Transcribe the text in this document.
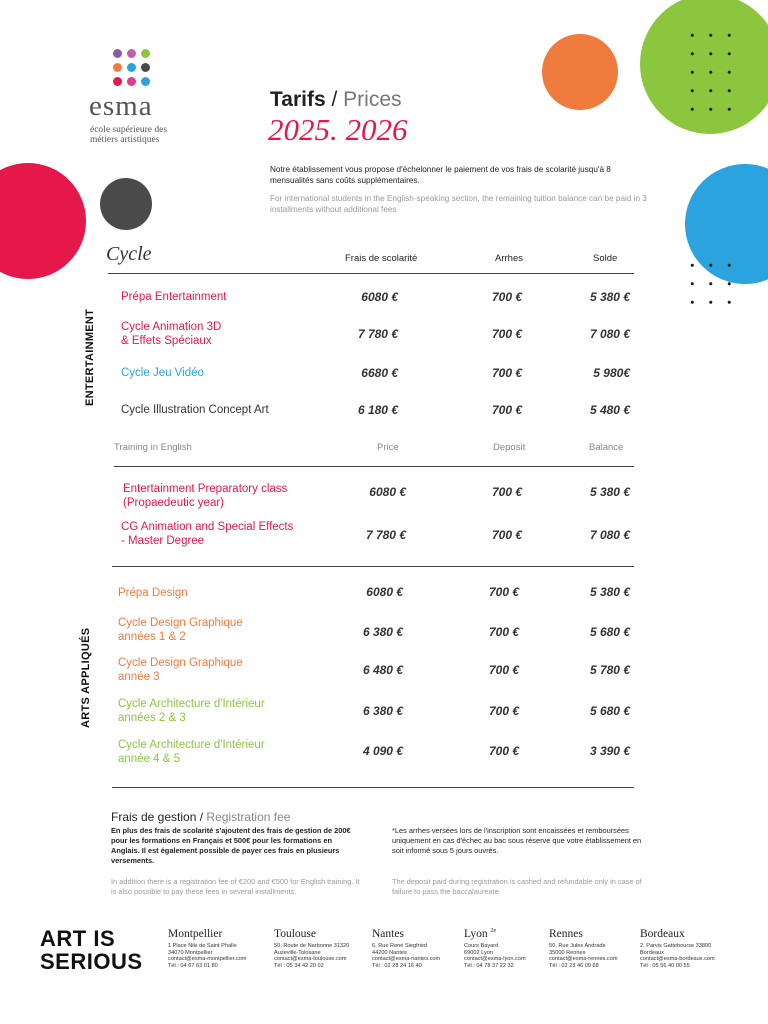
esma
école supérieure des métiers artistiques
Tarifs / Prices
2025. 2026
Notre établissement vous propose d'échelonner le paiement de vos frais de scolarité jusqu'à 8 mensualités sans coûts supplémentaires.
For international students in the English-speaking section, the remaining tuition balance can be paid in 3 installments without additional fees
Cycle	Frais de scolarité	Arrhes	Solde
ENTERTAINMENT
Prépa Entertainment	6080 €	700 €	5 380 €
Cycle Animation 3D
& Effets Spéciaux	7 780 €	700 €	7 080 €
Cycle Jeu Vidéo	6680 €	700 €	5 980€
Cycle Illustration Concept Art	6 180 €	700 €	5 480 €
Training in English	Price	Deposit	Balance
Entertainment Preparatory class
(Propaedeutic year)
6080 €	700 €	5 380 €
CG Animation and Special Effects
- Master Degree	7 780 €	700 €	7 080 €
ARTS APPLIQUÉS
Prépa Design	6080 €	700 €	5 380 €
Cycle Design Graphique
années 1 & 2	6 380 €	700 €	5 680 €
Cycle Design Graphique
année 3	6 480 €	700 €	5 780 €
Cycle Architecture d'Intérieur
années 2 & 3	6 380 €	700 €	5 680 €
Cycle Architecture d'Intérieur
année 4 & 5
4 090 €	700 €	3 390 €
Frais de gestion / Registration fee
En plus des frais de scolarité s'ajoutent des frais de gestion de 200€ pour les formations en Français et 500€ pour les formations en Anglais. Il est également possible de payer ces frais en plusieurs versements.
In addition there is a registration fee of €200 and €500 for English training. It is also possible to pay these fees in several installments.
*Les arrhes versées lors de l'inscription sont encaissées et remboursées uniquement en cas d'échec au bac sous réserve que votre établissement en soit informé sous 5 jours ouvrés.
The deposit paid during registration is cashed and refundable only in case of failure to pass the baccalaureate
ART IS
SERIOUS
Montpellier
1 Place Niki de Saint Phalle
34070 Montpellier
contact@esma-montpellier.com
Tél : 04 67 63 01 80
Toulouse
50, Route de Narbonne 31320
Auzeville-Tolosane
contact@esma-toulouse.com
Tél : 05 34 42 20 02
Nantes
6, Rue René Siegfried
44200 Nantes
contact@esma-nantes.com
Tél : 02 28 24 16 40
Lyon $^{2e}$
Cours Bayard
69002 Lyon
contact@esma-lyon.com
Tél : 04 78 37 22 32
Rennes
50, Rue Jules Andrade
35000 Rennes
contact@esma-rennes.com
Tél : 02 23 46 09 68
Bordeaux
2, Parvis Gattebourse 33800
Bordeaux
contact@esma-bordeaux.com
Tél : 05 56 40 00 55
